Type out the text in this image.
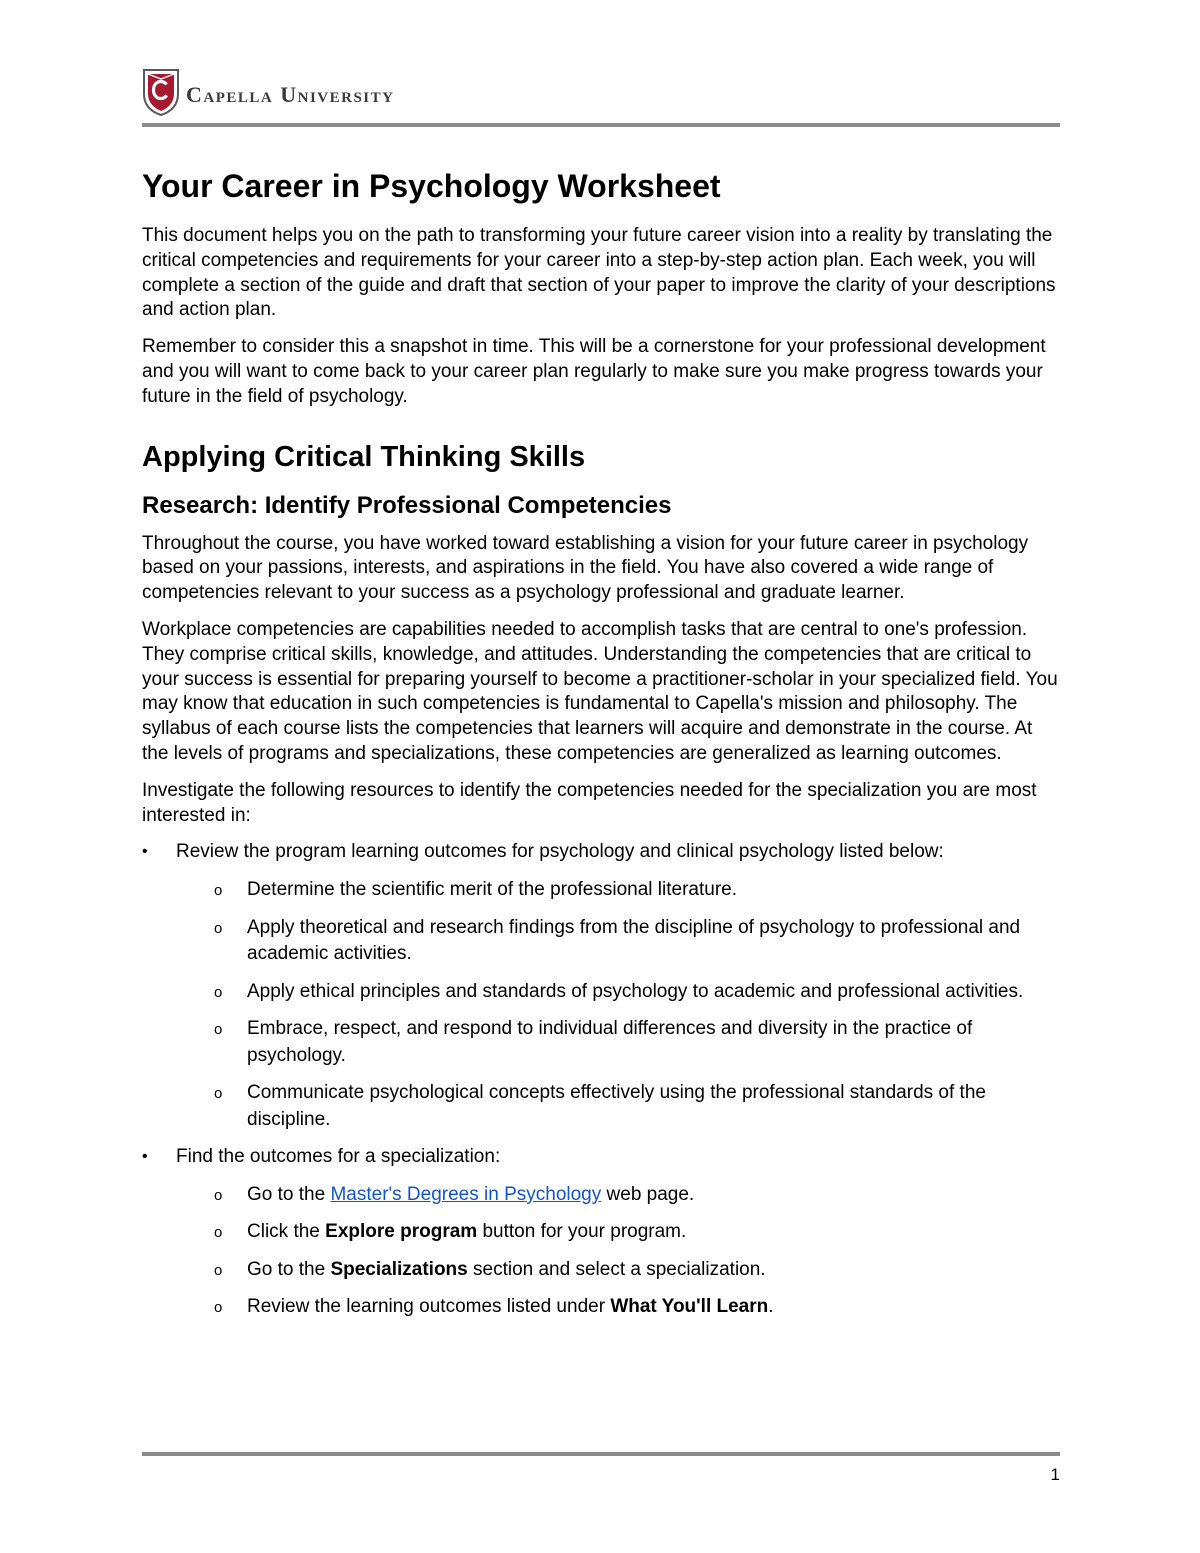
Capella University
Your Career in Psychology Worksheet

This document helps you on the path to transforming your future career vision into a reality by translating the critical competencies and requirements for your career into a step-by-step action plan. Each week, you will complete a section of the guide and draft that section of your paper to improve the clarity of your descriptions and action plan.

Remember to consider this a snapshot in time. This will be a cornerstone for your professional development and you will want to come back to your career plan regularly to make sure you make progress towards your future in the field of psychology.

Applying Critical Thinking Skills
Research: Identify Professional Competencies

Throughout the course, you have worked toward establishing a vision for your future career in psychology based on your passions, interests, and aspirations in the field. You have also covered a wide range of competencies relevant to your success as a psychology professional and graduate learner.

Workplace competencies are capabilities needed to accomplish tasks that are central to one's profession. They comprise critical skills, knowledge, and attitudes. Understanding the competencies that are critical to your success is essential for preparing yourself to become a practitioner-scholar in your specialized field. You may know that education in such competencies is fundamental to Capella's mission and philosophy. The syllabus of each course lists the competencies that learners will acquire and demonstrate in the course. At the levels of programs and specializations, these competencies are generalized as learning outcomes.

Investigate the following resources to identify the competencies needed for the specialization you are most interested in:

• Review the program learning outcomes for psychology and clinical psychology listed below:
o	Determine the scientific merit of the professional literature.
o	Apply theoretical and research findings from the discipline of psychology to professional and academic activities.
o	Apply ethical principles and standards of psychology to academic and professional activities.
o	Embrace, respect, and respond to individual differences and diversity in the practice of psychology.
o	Communicate psychological concepts effectively using the professional standards of the discipline.
• Find the outcomes for a specialization:
o	Go to the Master's Degrees in Psychology web page.
o	Click the Explore program button for your program.
o	Go to the Specializations section and select a specialization.
o	Review the learning outcomes listed under What You'll Learn.
1
